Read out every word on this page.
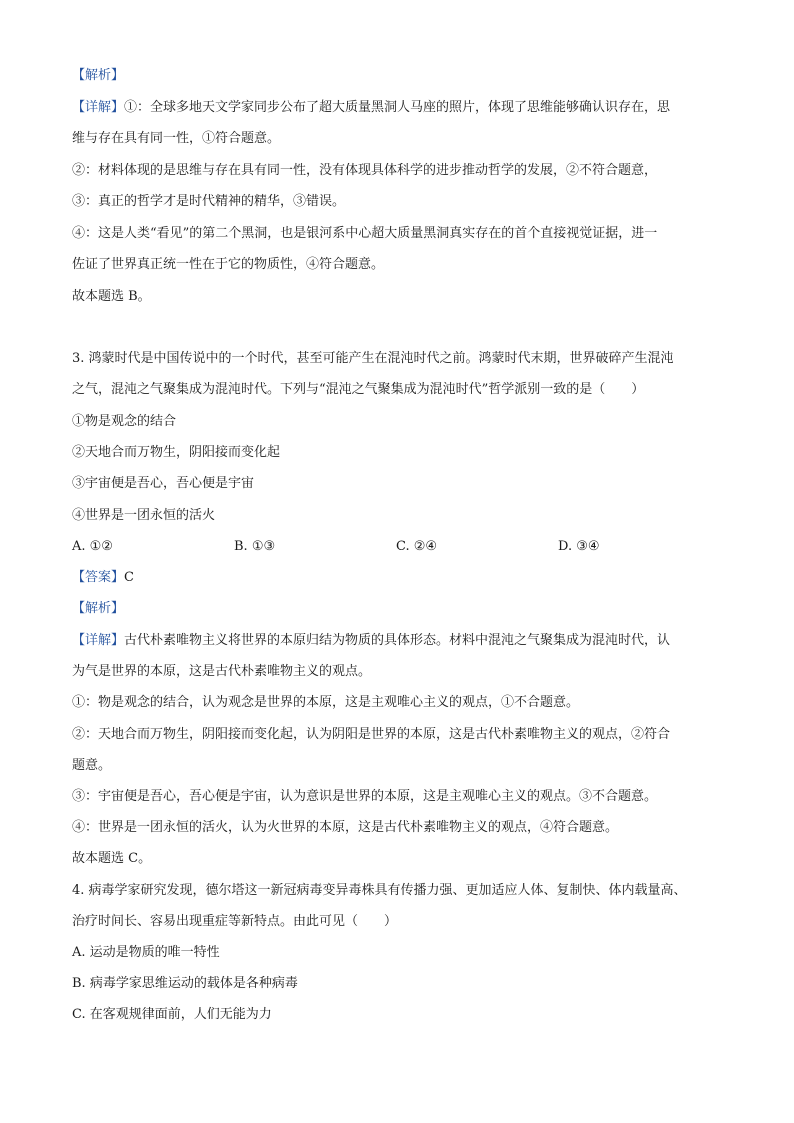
【解析】
【详解】①：全球多地天文学家同步公布了超大质量黑洞人马座的照片，体现了思维能够确认识存在，思
维与存在具有同一性，①符合题意。
②：材料体现的是思维与存在具有同一性，没有体现具体科学的进步推动哲学的发展，②不符合题意，
③：真正的哲学才是时代精神的精华，③错误。
④：这是人类“看见”的第二个黑洞，也是银河系中心超大质量黑洞真实存在的首个直接视觉证据，进一
佐证了世界真正统一性在于它的物质性，④符合题意。
故本题选 B。
3. 鸿蒙时代是中国传说中的一个时代，甚至可能产生在混沌时代之前。鸿蒙时代末期，世界破碎产生混沌
之气，混沌之气聚集成为混沌时代。下列与“混沌之气聚集成为混沌时代”哲学派别一致的是（　　）
①物是观念的结合
②天地合而万物生，阴阳接而变化起
③宇宙便是吾心，吾心便是宇宙
④世界是一团永恒的活火
A. ①②	B. ①③	C. ②④	D. ③④
【答案】C
【解析】
【详解】古代朴素唯物主义将世界的本原归结为物质的具体形态。材料中混沌之气聚集成为混沌时代，认
为气是世界的本原，这是古代朴素唯物主义的观点。
①：物是观念的结合，认为观念是世界的本原，这是主观唯心主义的观点，①不合题意。
②：天地合而万物生，阴阳接而变化起，认为阴阳是世界的本原，这是古代朴素唯物主义的观点，②符合
题意。
③：宇宙便是吾心，吾心便是宇宙，认为意识是世界的本原，这是主观唯心主义的观点。③不合题意。
④：世界是一团永恒的活火，认为火世界的本原，这是古代朴素唯物主义的观点，④符合题意。
故本题选 C。
4. 病毒学家研究发现，德尔塔这一新冠病毒变异毒株具有传播力强、更加适应人体、复制快、体内载量高、
治疗时间长、容易出现重症等新特点。由此可见（　　）
A. 运动是物质的唯一特性
B. 病毒学家思维运动的载体是各种病毒
C. 在客观规律面前，人们无能为力
